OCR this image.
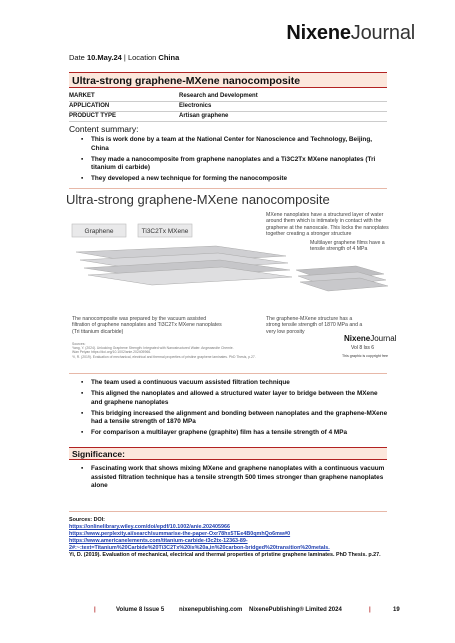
NixeneJournal
Date 10.May.24 | Location China
Ultra-strong graphene-MXene nanocomposite
MARKET	Research and Development
APPLICATION	Electronics
PRODUCT TYPE	Artisan graphene
Content summary:
▪ This is work done by a team at the National Center for Nanoscience and Technology, Beijing, China
▪ They made a nanocomposite from graphene nanoplates and a Ti3C2Tx MXene nanoplates (Tri titanium di carbide)
▪ They developed a new technique for forming the nanocomposite
Ultra-strong graphene-MXene nanocomposite
Graphene	Ti3C2Tx MXene
MXene nanoplates have a structured layer of water around them which is intimately in contact with the graphene at the nanoscale. This locks the nanoplates together creating a stronger structure
Multilayer graphene films have a tensile strength of 4 MPa
The nanocomposite was prepared by the vacuum assisted filtration of graphene nanoplates and Ti3C2Tx MXene nanoplates (Tri titanium dicarbide)
The graphene-MXene structure has a strong tensile strength of 1870 MPa and a very low porosity
NixeneJournal
Vol 8 Iss 6
This graphic is copyright free
Sources:
Yang, Y. (2024). Unlocking Graphene Strength: Integrated with Nanostructured Water. Angewandte Chemie.
Wan Peiyan https://doi.org/10.1002/anie.202405966.
Yi, R. (2019). Evaluation of mechanical, electrical and thermal properties of pristine graphene laminates. PhD Thesis, p.27.
▪ The team used a continuous vacuum assisted filtration technique
▪ This aligned the nanoplates and allowed a structured water layer to bridge between the MXene and graphene nanoplates
▪ This bridging increased the alignment and bonding between nanoplates and the graphene-MXene had a tensile strength of 1870 MPa
▪ For comparison a multilayer graphene (graphite) film has a tensile strength of 4 MPa
Significance:
▪ Fascinating work that shows mixing MXene and graphene nanoplates with a continuous vacuum assisted filtration technique has a tensile strength 500 times stronger than graphene nanoplates alone
Sources: DOI:
https://onlinelibrary.wiley.com/doi/epdf/10.1002/anie.202405966
https://www.perplexity.ai/search/summarise-the-paper-Oxr78hx5TEe4B0qmhQo6mw#0
https://www.americanelements.com/titanium-carbide-t3c2tx-12363-89-
2#:~:text=Titanium%20Carbide%20Ti3C2Tx%20is%20a,in%20carbon-bridged%20transition%20metals.
Yi, D. (2019). Evaluation of mechanical, electrical and thermal properties of pristine graphene laminates. PhD Thesis. p.27.
|	Volume 8 Issue 5 nixenepublishing.com NixenePublishing® Limited 2024	|	19
